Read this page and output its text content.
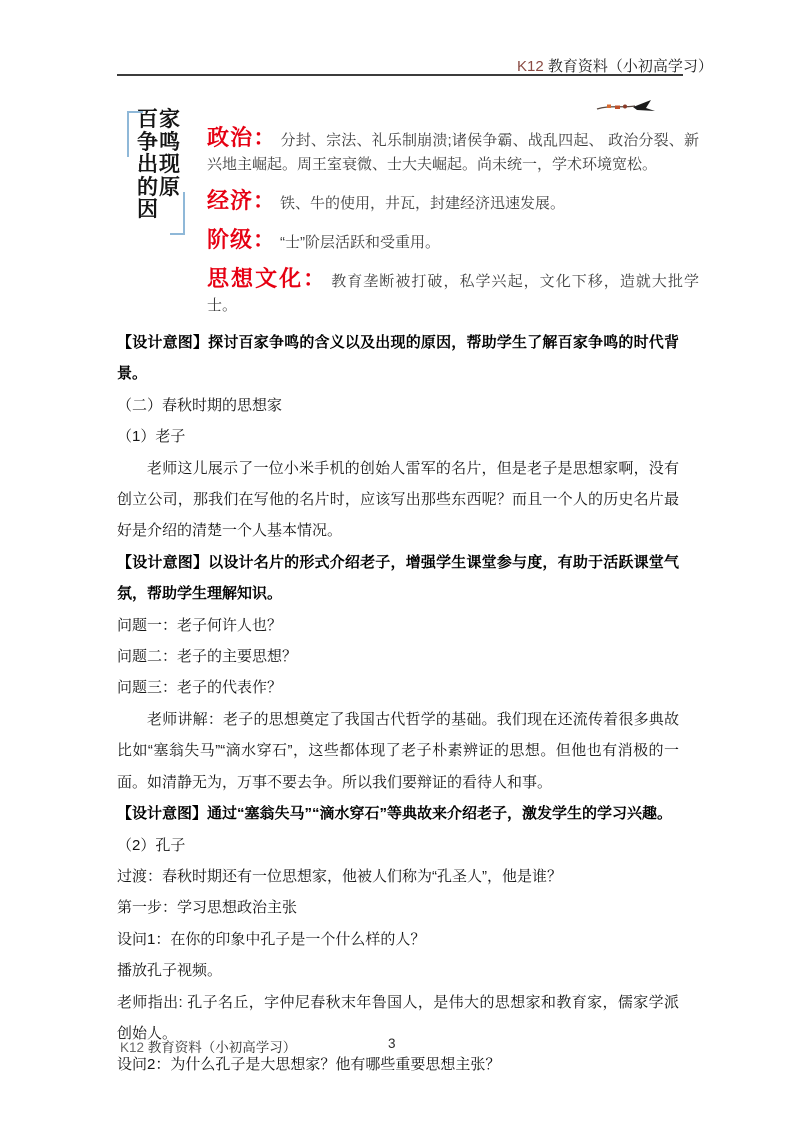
K12 教育资料（小初高学习）
百家
争鸣
出现
的原
因
政治： 分封、宗法、礼乐制崩溃;诸侯争霸、战乱四起、 政治分裂、新兴地主崛起。周王室衰微、士大夫崛起。尚未统一，学术环境宽松。
经济： 铁、牛的使用，井瓦，封建经济迅速发展。
阶级： “士”阶层活跃和受重用。
思想文化： 教育垄断被打破，私学兴起，文化下移，造就大批学士。

【设计意图】探讨百家争鸣的含义以及出现的原因，帮助学生了解百家争鸣的时代背景。

（二）春秋时期的思想家

（1）老子

老师这儿展示了一位小米手机的创始人雷军的名片，但是老子是思想家啊，没有创立公司，那我们在写他的名片时，应该写出那些东西呢？而且一个人的历史名片最好是介绍的清楚一个人基本情况。

【设计意图】以设计名片的形式介绍老子，增强学生课堂参与度，有助于活跃课堂气氛，帮助学生理解知识。

问题一：老子何许人也？

问题二：老子的主要思想？

问题三：老子的代表作？

老师讲解：老子的思想奠定了我国古代哲学的基础。我们现在还流传着很多典故比如“塞翁失马”“滴水穿石”，这些都体现了老子朴素辨证的思想。但他也有消极的一面。如清静无为，万事不要去争。所以我们要辩证的看待人和事。

【设计意图】通过“塞翁失马”“滴水穿石”等典故来介绍老子，激发学生的学习兴趣。

（2）孔子

过渡：春秋时期还有一位思想家，他被人们称为“孔圣人”，他是谁？

第一步：学习思想政治主张

设问1：在你的印象中孔子是一个什么样的人？

播放孔子视频。

老师指出: 孔子名丘，字仲尼春秋末年鲁国人，是伟大的思想家和教育家，儒家学派创始人。

设问2：为什么孔子是大思想家？他有哪些重要思想主张？

K12 教育资料（小初高学习）	3
